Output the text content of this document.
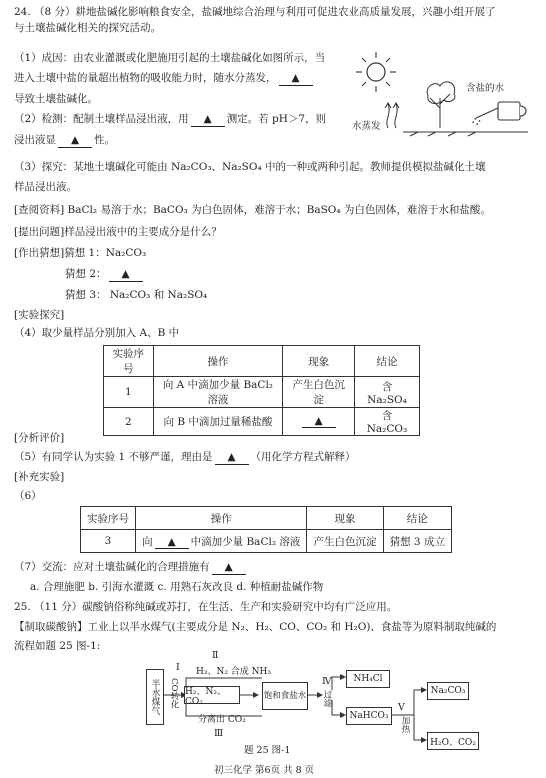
24. （8 分）耕地盐碱化影响粮食安全，盐碱地综合治理与利用可促进农业高质量发展，兴趣小组开展了
与土壤盐碱化相关的探究活动。
（1）成因：由农业灌溉或化肥施用引起的土壤盐碱化如图所示，当
进入土壤中盐的量超出植物的吸收能力时，随水分蒸发， ▲
导致土壤盐碱化。
（2）检测：配制土壤样品浸出液，用 ▲ 测定。若 pH＞7，则
浸出液显 ▲ 性。
含盐的水
水蒸发
（3）探究：某地土壤碱化可能由 Na₂CO₃、Na₂SO₄ 中的一种或两种引起。教师提供模拟盐碱化土壤
样品浸出液。
[查阅资料] BaCl₂ 易溶于水；BaCO₃ 为白色固体，难溶于水；BaSO₄ 为白色固体，难溶于水和盐酸。
[提出问题]样品浸出液中的主要成分是什么？
[作出猜想]猜想 1：Na₂CO₃
猜想 2： ▲
猜想 3： Na₂CO₃ 和 Na₂SO₄
[实验探究]
（4）取少量样品分别加入 A、B 中
实验序号	操作	现象	结论
1	向 A 中滴加少量 BaCl₂ 溶液	产生白色沉淀	含 Na₂SO₄
2	向 B 中滴加过量稀盐酸	▲	含 Na₂CO₃
[分析评价]
（5）有同学认为实验 1 不够严谨，理由是 ▲ （用化学方程式解释）
[补充实验]
（6）
实验序号	操作	现象	结论
3	向 ▲ 中滴加少量 BaCl₂ 溶液	产生白色沉淀	猜想 3 成立
（7）交流：应对土壤盐碱化的合理措施有 ▲
a. 合理施肥 b. 引海水灌溉 c. 用熟石灰改良 d. 种植耐盐碱作物
25. （11 分）碳酸钠俗称纯碱或苏打，在生活、生产和实验研究中均有广泛应用。
【制取碳酸钠】工业上以半水煤气(主要成分是 N₂、H₂、CO、CO₂ 和 H₂O)、食盐等为原料制取纯碱的
流程如题 25 图-1:
半水煤气	CO转化
Ⅰ H₂、N₂ 合成 NH₃
Ⅱ
H₂、N₂、CO₂
分离出 CO₂
Ⅲ
饱和食盐水
Ⅳ
过滤
NH₄Cl
NaHCO₃
Ⅴ
加热
Na₂CO₃
H₂O、CO₂
题 25 图-1
初三化学 第6页 共 8 页
